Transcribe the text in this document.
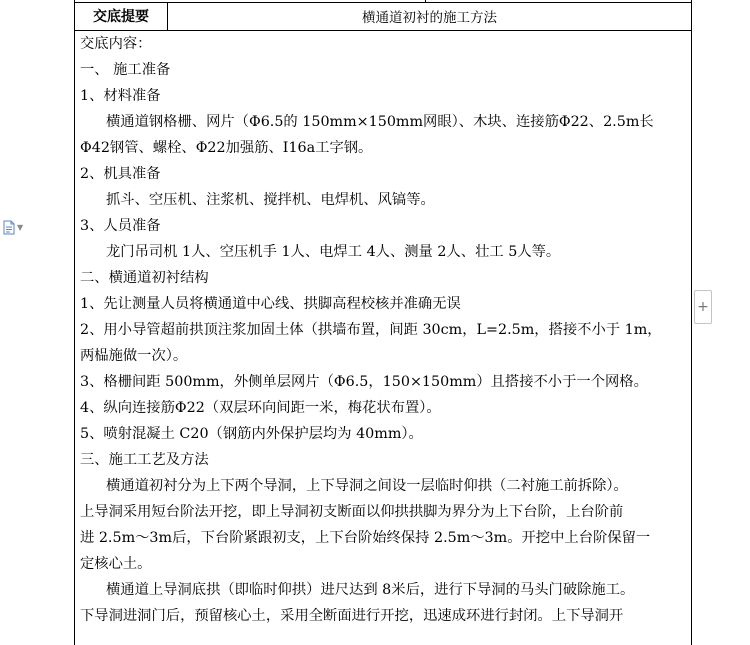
交底提要	横通道初衬的施工方法
交底内容：
一、 施工准备
1、材料准备
横通道钢格栅、网片（Φ6.5的 150mm×150mm网眼）、木块、连接筋Φ22、2.5m长
Φ42钢管、螺栓、Φ22加强筋、I16a工字钢。
2、机具准备
抓斗、空压机、注浆机、搅拌机、电焊机、风镐等。
3、人员准备
龙门吊司机 1人、空压机手 1人、电焊工 4人、测量 2人、壮工 5人等。
二、横通道初衬结构
1、先让测量人员将横通道中心线、拱脚高程校核并准确无误
2、用小导管超前拱顶注浆加固土体（拱墙布置，间距 30cm，L=2.5m，搭接不小于 1m，
两榀施做一次）。
3、格栅间距 500mm，外侧单层网片（Φ6.5，150×150mm）且搭接不小于一个网格。
4、纵向连接筋Φ22（双层环向间距一米，梅花状布置）。
5、喷射混凝土 C20（钢筋内外保护层均为 40mm）。
三、施工工艺及方法
横通道初衬分为上下两个导洞，上下导洞之间设一层临时仰拱（二衬施工前拆除）。
上导洞采用短台阶法开挖，即上导洞初支断面以仰拱拱脚为界分为上下台阶，上台阶前
进 2.5m～3m后，下台阶紧跟初支，上下台阶始终保持 2.5m～3m。开挖中上台阶保留一
定核心土。
横通道上导洞底拱（即临时仰拱）进尺达到 8米后，进行下导洞的马头门破除施工。
下导洞进洞门后，预留核心土，采用全断面进行开挖，迅速成环进行封闭。上下导洞开
▼
+
